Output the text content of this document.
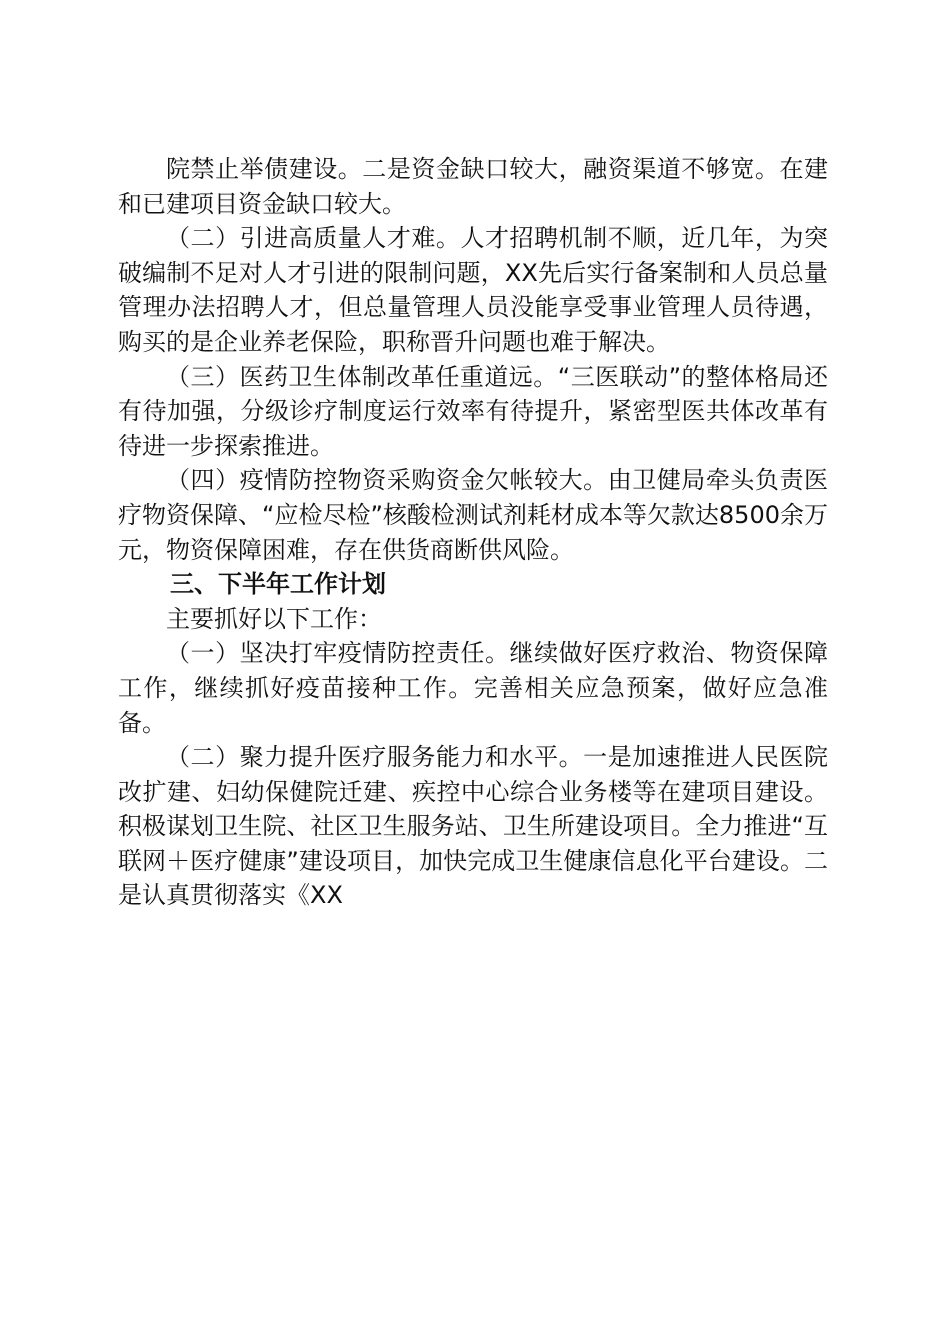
院禁止举债建设。二是资金缺口较大，融资渠道不够宽。在建和已建项目资金缺口较大。

（二）引进高质量人才难。人才招聘机制不顺，近几年，为突破编制不足对人才引进的限制问题，XX先后实行备案制和人员总量管理办法招聘人才，但总量管理人员没能享受事业管理人员待遇，购买的是企业养老保险，职称晋升问题也难于解决。

（三）医药卫生体制改革任重道远。“三医联动”的整体格局还有待加强，分级诊疗制度运行效率有待提升，紧密型医共体改革有待进一步探索推进。

（四）疫情防控物资采购资金欠帐较大。由卫健局牵头负责医疗物资保障、“应检尽检”核酸检测试剂耗材成本等欠款达8500余万元，物资保障困难，存在供货商断供风险。

三、下半年工作计划

主要抓好以下工作：

（一）坚决打牢疫情防控责任。继续做好医疗救治、物资保障工作，继续抓好疫苗接种工作。完善相关应急预案，做好应急准备。

（二）聚力提升医疗服务能力和水平。一是加速推进人民医院改扩建、妇幼保健院迁建、疾控中心综合业务楼等在建项目建设。积极谋划卫生院、社区卫生服务站、卫生所建设项目。全力推进“互联网＋医疗健康”建设项目，加快完成卫生健康信息化平台建设。二是认真贯彻落实《XX
